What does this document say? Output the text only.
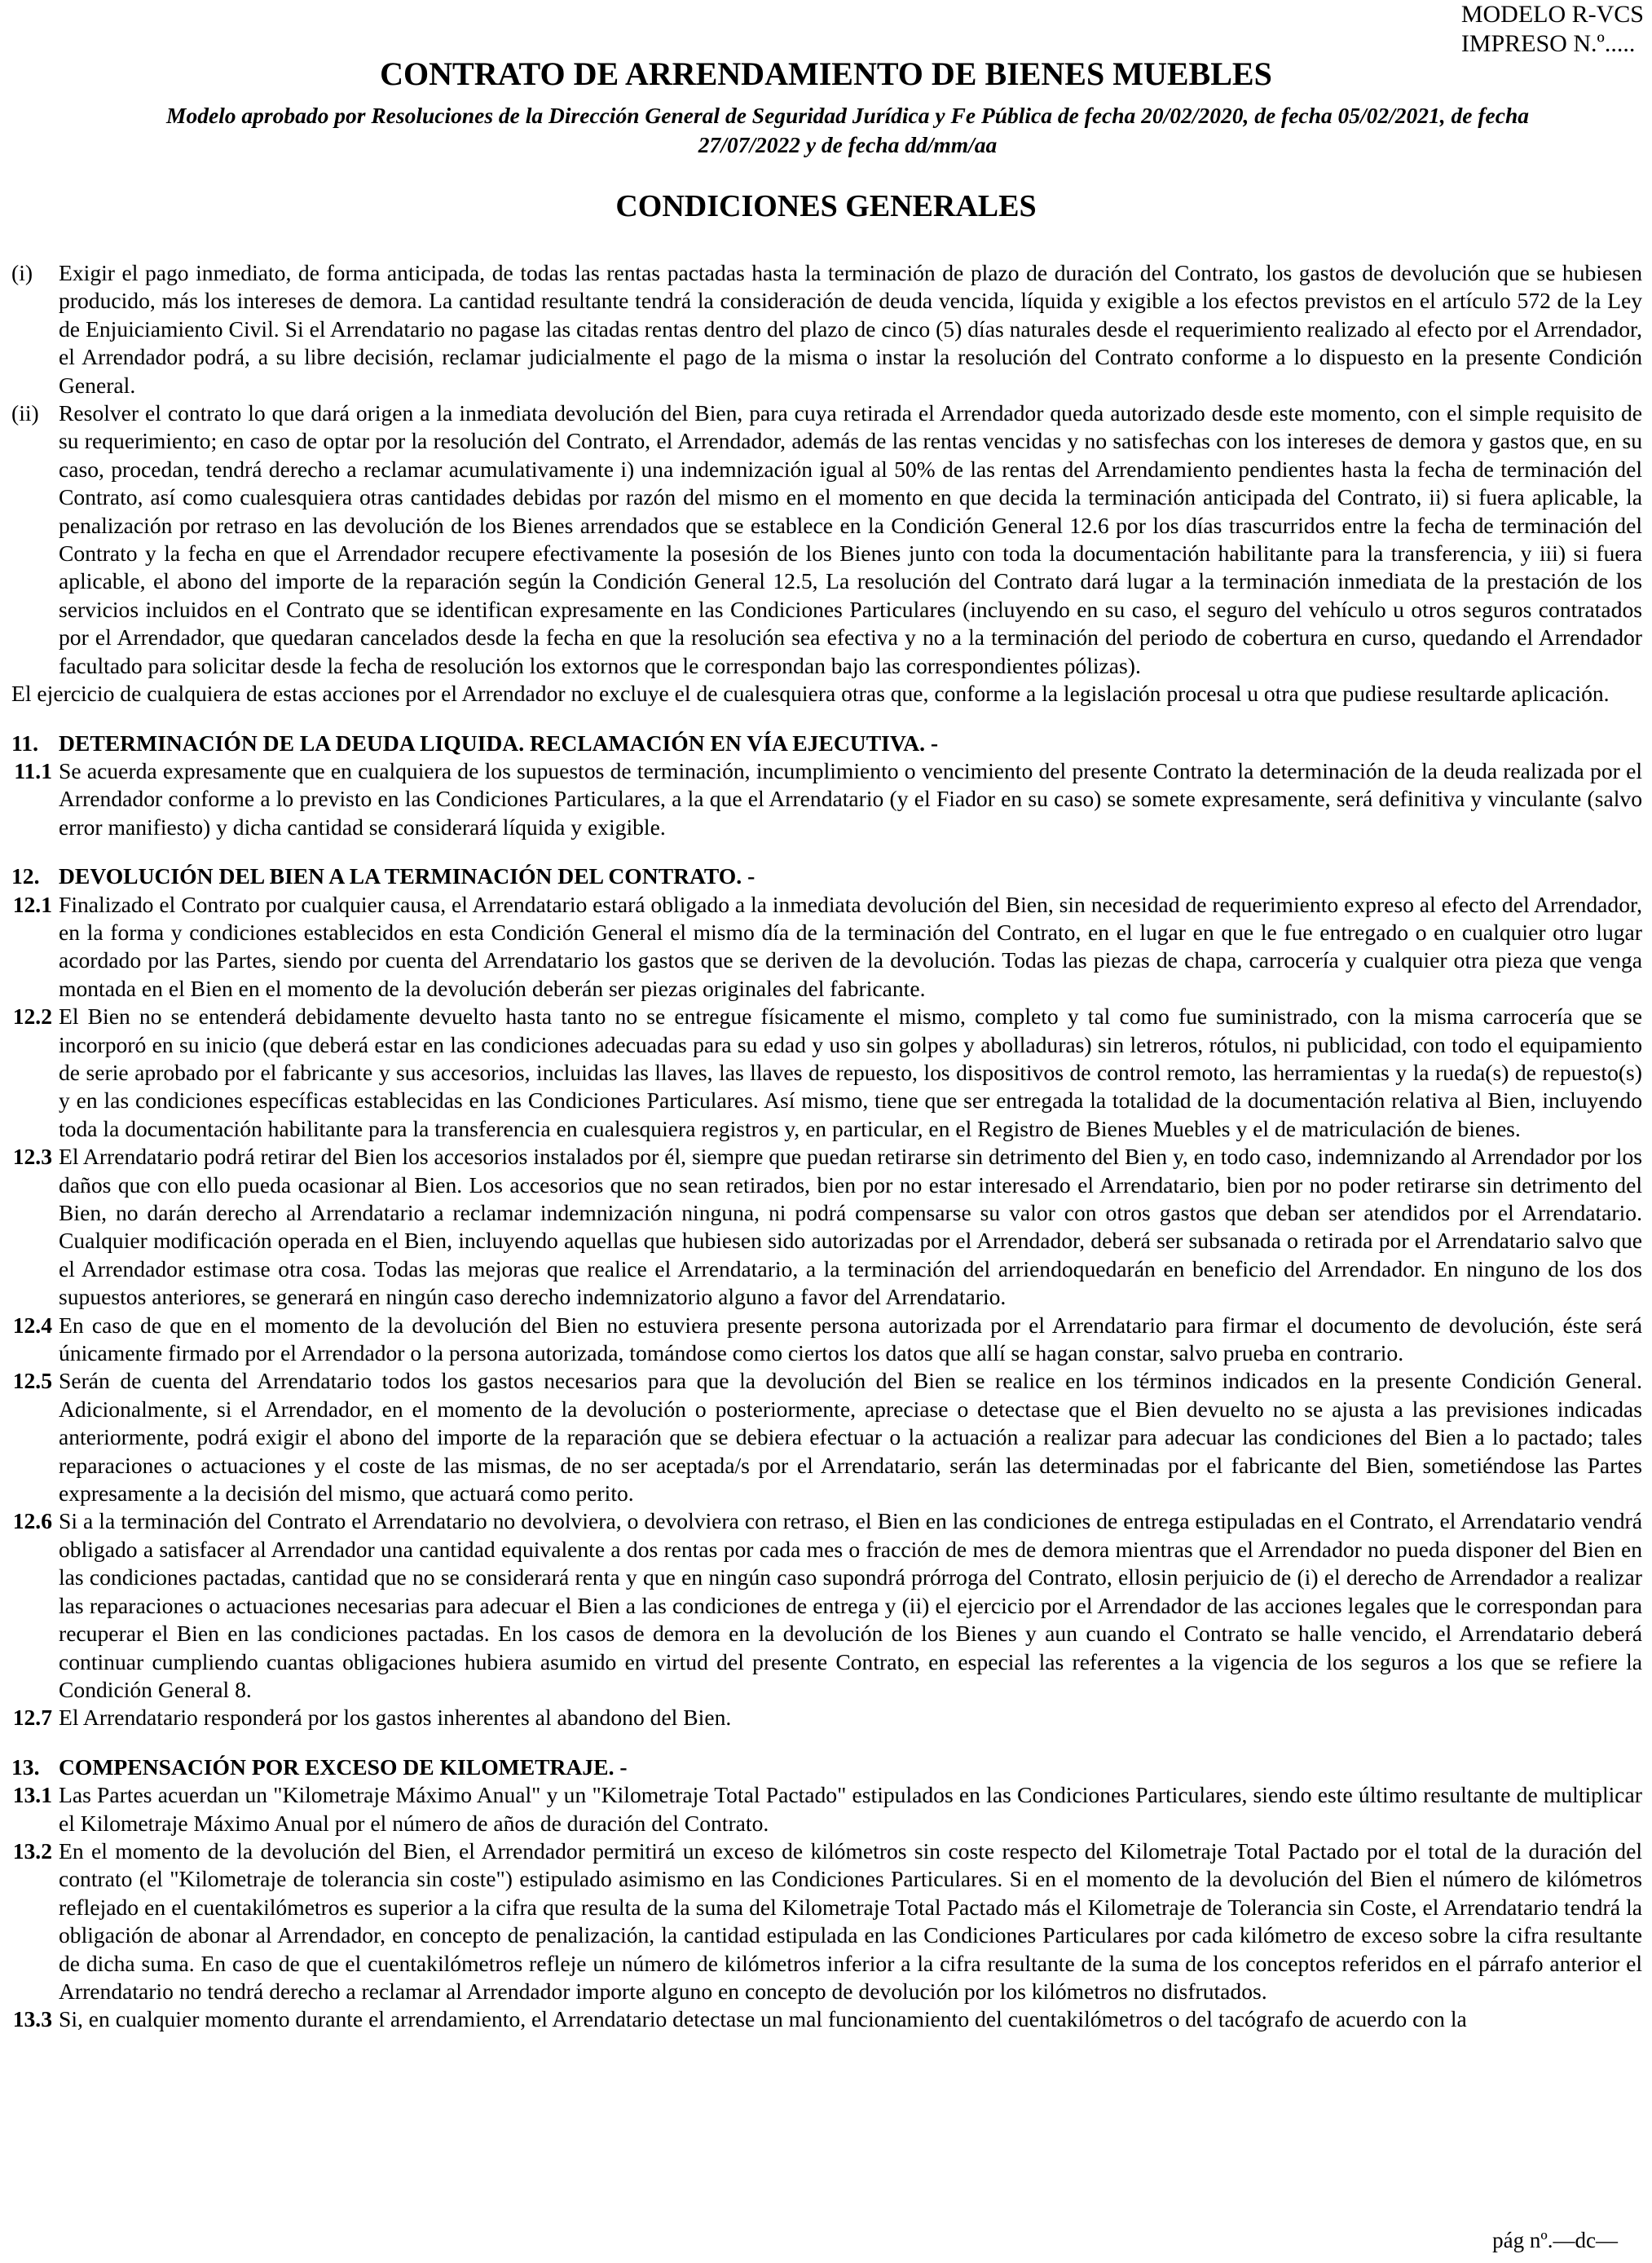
MODELO R-VCS
IMPRESO N.º.....
CONTRATO DE ARRENDAMIENTO DE BIENES MUEBLES
Modelo aprobado por Resoluciones de la Dirección General de Seguridad Jurídica y Fe Pública de fecha 20/02/2020, de fecha 05/02/2021, de fecha 27/07/2022 y de fecha dd/mm/aa
CONDICIONES GENERALES
(i)	Exigir el pago inmediato, de forma anticipada, de todas las rentas pactadas hasta la terminación de plazo de duración del Contrato, los gastos de devolución que se hubiesen producido, más los intereses de demora. La cantidad resultante tendrá la consideración de deuda vencida, líquida y exigible a los efectos previstos en el artículo 572 de la Ley de Enjuiciamiento Civil. Si el Arrendatario no pagase las citadas rentas dentro del plazo de cinco (5) días naturales desde el requerimiento realizado al efecto por el Arrendador, el Arrendador podrá, a su libre decisión, reclamar judicialmente el pago de la misma o instar la resolución del Contrato conforme a lo dispuesto en la presente Condición General.
(ii) Resolver el contrato lo que dará origen a la inmediata devolución del Bien, para cuya retirada el Arrendador queda autorizado desde este momento, con el simple requisito de su requerimiento; en caso de optar por la resolución del Contrato, el Arrendador, además de las rentas vencidas y no satisfechas con los intereses de demora y gastos que, en su caso, procedan, tendrá derecho a reclamar acumulativamente i) una indemnización igual al 50% de las rentas del Arrendamiento pendientes hasta la fecha de terminación del Contrato, así como cualesquiera otras cantidades debidas por razón del mismo en el momento en que decida la terminación anticipada del Contrato, ii) si fuera aplicable, la penalización por retraso en las devolución de los Bienes arrendados que se establece en la Condición General 12.6 por los días trascurridos entre la fecha de terminación del Contrato y la fecha en que el Arrendador recupere efectivamente la posesión de los Bienes junto con toda la documentación habilitante para la transferencia, y iii) si fuera aplicable, el abono del importe de la reparación según la Condición General 12.5, La resolución del Contrato dará lugar a la terminación inmediata de la prestación de los servicios incluidos en el Contrato que se identifican expresamente en las Condiciones Particulares (incluyendo en su caso, el seguro del vehículo u otros seguros contratados por el Arrendador, que quedaran cancelados desde la fecha en que la resolución sea efectiva y no a la terminación del periodo de cobertura en curso, quedando el Arrendador facultado para solicitar desde la fecha de resolución los extornos que le correspondan bajo las correspondientes pólizas).

El ejercicio de cualquiera de estas acciones por el Arrendador no excluye el de cualesquiera otras que, conforme a la legislación procesal u otra que pudiese resultarde aplicación.

11. DETERMINACIÓN DE LA DEUDA LIQUIDA. RECLAMACIÓN EN VÍA EJECUTIVA. -
11.1 Se acuerda expresamente que en cualquiera de los supuestos de terminación, incumplimiento o vencimiento del presente Contrato la determinación de la deuda realizada por el Arrendador conforme a lo previsto en las Condiciones Particulares, a la que el Arrendatario (y el Fiador en su caso) se somete expresamente, será definitiva y vinculante (salvo error manifiesto) y dicha cantidad se considerará líquida y exigible.
12. DEVOLUCIÓN DEL BIEN A LA TERMINACIÓN DEL CONTRATO. -
12.1 Finalizado el Contrato por cualquier causa, el Arrendatario estará obligado a la inmediata devolución del Bien, sin necesidad de requerimiento expreso al efecto del Arrendador, en la forma y condiciones establecidos en esta Condición General el mismo día de la terminación del Contrato, en el lugar en que le fue entregado o en cualquier otro lugar acordado por las Partes, siendo por cuenta del Arrendatario los gastos que se deriven de la devolución. Todas las piezas de chapa, carrocería y cualquier otra pieza que venga montada en el Bien en el momento de la devolución deberán ser piezas originales del fabricante.
12.2 El Bien no se entenderá debidamente devuelto hasta tanto no se entregue físicamente el mismo, completo y tal como fue suministrado, con la misma carrocería que se incorporó en su inicio (que deberá estar en las condiciones adecuadas para su edad y uso sin golpes y abolladuras) sin letreros, rótulos, ni publicidad, con todo el equipamiento de serie aprobado por el fabricante y sus accesorios, incluidas las llaves, las llaves de repuesto, los dispositivos de control remoto, las herramientas y la rueda(s) de repuesto(s) y en las condiciones específicas establecidas en las Condiciones Particulares. Así mismo, tiene que ser entregada la totalidad de la documentación relativa al Bien, incluyendo toda la documentación habilitante para la transferencia en cualesquiera registros y, en particular, en el Registro de Bienes Muebles y el de matriculación de bienes.
12.3 El Arrendatario podrá retirar del Bien los accesorios instalados por él, siempre que puedan retirarse sin detrimento del Bien y, en todo caso, indemnizando al Arrendador por los daños que con ello pueda ocasionar al Bien. Los accesorios que no sean retirados, bien por no estar interesado el Arrendatario, bien por no poder retirarse sin detrimento del Bien, no darán derecho al Arrendatario a reclamar indemnización ninguna, ni podrá compensarse su valor con otros gastos que deban ser atendidos por el Arrendatario. Cualquier modificación operada en el Bien, incluyendo aquellas que hubiesen sido autorizadas por el Arrendador, deberá ser subsanada o retirada por el Arrendatario salvo que el Arrendador estimase otra cosa. Todas las mejoras que realice el Arrendatario, a la terminación del arriendoquedarán en beneficio del Arrendador. En ninguno de los dos supuestos anteriores, se generará en ningún caso derecho indemnizatorio alguno a favor del Arrendatario.
12.4 En caso de que en el momento de la devolución del Bien no estuviera presente persona autorizada por el Arrendatario para firmar el documento de devolución, éste será únicamente firmado por el Arrendador o la persona autorizada, tomándose como ciertos los datos que allí se hagan constar, salvo prueba en contrario.
12.5 Serán de cuenta del Arrendatario todos los gastos necesarios para que la devolución del Bien se realice en los términos indicados en la presente Condición General. Adicionalmente, si el Arrendador, en el momento de la devolución o posteriormente, apreciase o detectase que el Bien devuelto no se ajusta a las previsiones indicadas anteriormente, podrá exigir el abono del importe de la reparación que se debiera efectuar o la actuación a realizar para adecuar las condiciones del Bien a lo pactado; tales reparaciones o actuaciones y el coste de las mismas, de no ser aceptada/s por el Arrendatario, serán las determinadas por el fabricante del Bien, sometiéndose las Partes expresamente a la decisión del mismo, que actuará como perito.
12.6 Si a la terminación del Contrato el Arrendatario no devolviera, o devolviera con retraso, el Bien en las condiciones de entrega estipuladas en el Contrato, el Arrendatario vendrá obligado a satisfacer al Arrendador una cantidad equivalente a dos rentas por cada mes o fracción de mes de demora mientras que el Arrendador no pueda disponer del Bien en las condiciones pactadas, cantidad que no se considerará renta y que en ningún caso supondrá prórroga del Contrato, ellosin perjuicio de (i) el derecho de Arrendador a realizar las reparaciones o actuaciones necesarias para adecuar el Bien a las condiciones de entrega y (ii) el ejercicio por el Arrendador de las acciones legales que le correspondan para recuperar el Bien en las condiciones pactadas. En los casos de demora en la devolución de los Bienes y aun cuando el Contrato se halle vencido, el Arrendatario deberá continuar cumpliendo cuantas obligaciones hubiera asumido en virtud del presente Contrato, en especial las referentes a la vigencia de los seguros a los que se refiere la Condición General 8.
12.7 El Arrendatario responderá por los gastos inherentes al abandono del Bien.
13. COMPENSACIÓN POR EXCESO DE KILOMETRAJE. -
13.1 Las Partes acuerdan un "Kilometraje Máximo Anual" y un "Kilometraje Total Pactado" estipulados en las Condiciones Particulares, siendo este último resultante de multiplicar el Kilometraje Máximo Anual por el número de años de duración del Contrato.
13.2 En el momento de la devolución del Bien, el Arrendador permitirá un exceso de kilómetros sin coste respecto del Kilometraje Total Pactado por el total de la duración del contrato (el "Kilometraje de tolerancia sin coste") estipulado asimismo en las Condiciones Particulares. Si en el momento de la devolución del Bien el número de kilómetros reflejado en el cuentakilómetros es superior a la cifra que resulta de la suma del Kilometraje Total Pactado más el Kilometraje de Tolerancia sin Coste, el Arrendatario tendrá la obligación de abonar al Arrendador, en concepto de penalización, la cantidad estipulada en las Condiciones Particulares por cada kilómetro de exceso sobre la cifra resultante de dicha suma. En caso de que el cuentakilómetros refleje un número de kilómetros inferior a la cifra resultante de la suma de los conceptos referidos en el párrafo anterior el Arrendatario no tendrá derecho a reclamar al Arrendador importe alguno en concepto de devolución por los kilómetros no disfrutados.
13.3 Si, en cualquier momento durante el arrendamiento, el Arrendatario detectase un mal funcionamiento del cuentakilómetros o del tacógrafo de acuerdo con la
pág nº.—dc—
